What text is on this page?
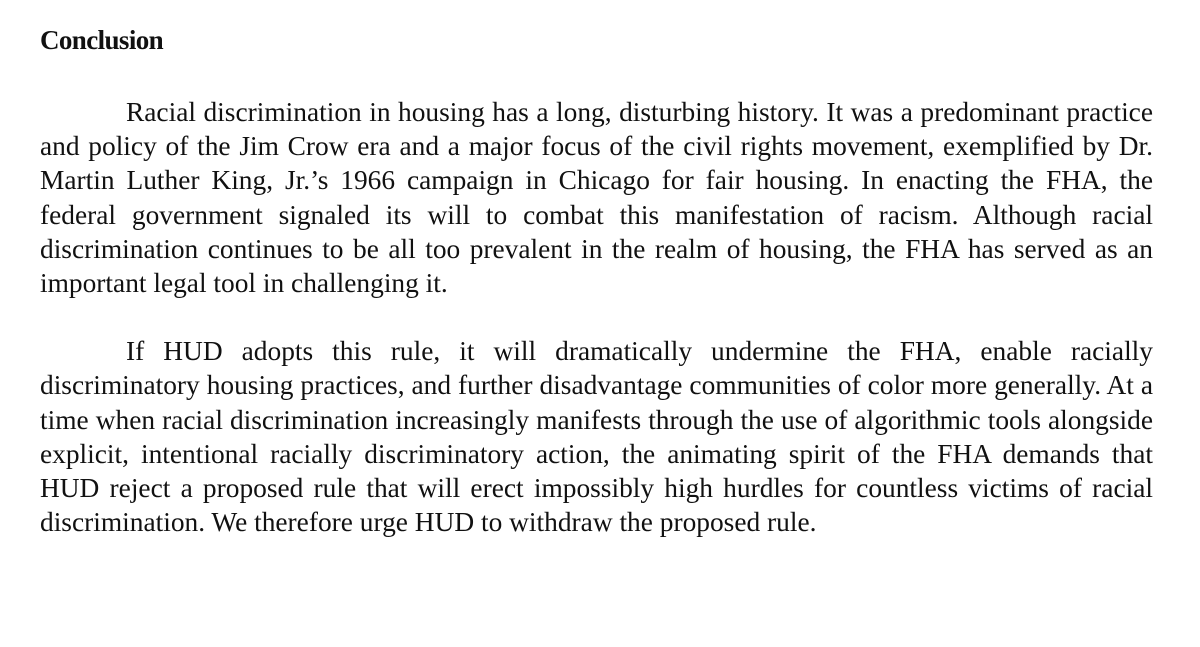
Conclusion

Racial discrimination in housing has a long, disturbing history. It was a predominant practice and policy of the Jim Crow era and a major focus of the civil rights movement, exemplified by Dr. Martin Luther King, Jr.’s 1966 campaign in Chicago for fair housing. In enacting the FHA, the federal government signaled its will to combat this manifestation of racism. Although racial discrimination continues to be all too prevalent in the realm of housing, the FHA has served as an important legal tool in challenging it.

If HUD adopts this rule, it will dramatically undermine the FHA, enable racially discriminatory housing practices, and further disadvantage communities of color more generally. At a time when racial discrimination increasingly manifests through the use of algorithmic tools alongside explicit, intentional racially discriminatory action, the animating spirit of the FHA demands that HUD reject a proposed rule that will erect impossibly high hurdles for countless victims of racial discrimination. We therefore urge HUD to withdraw the proposed rule.
